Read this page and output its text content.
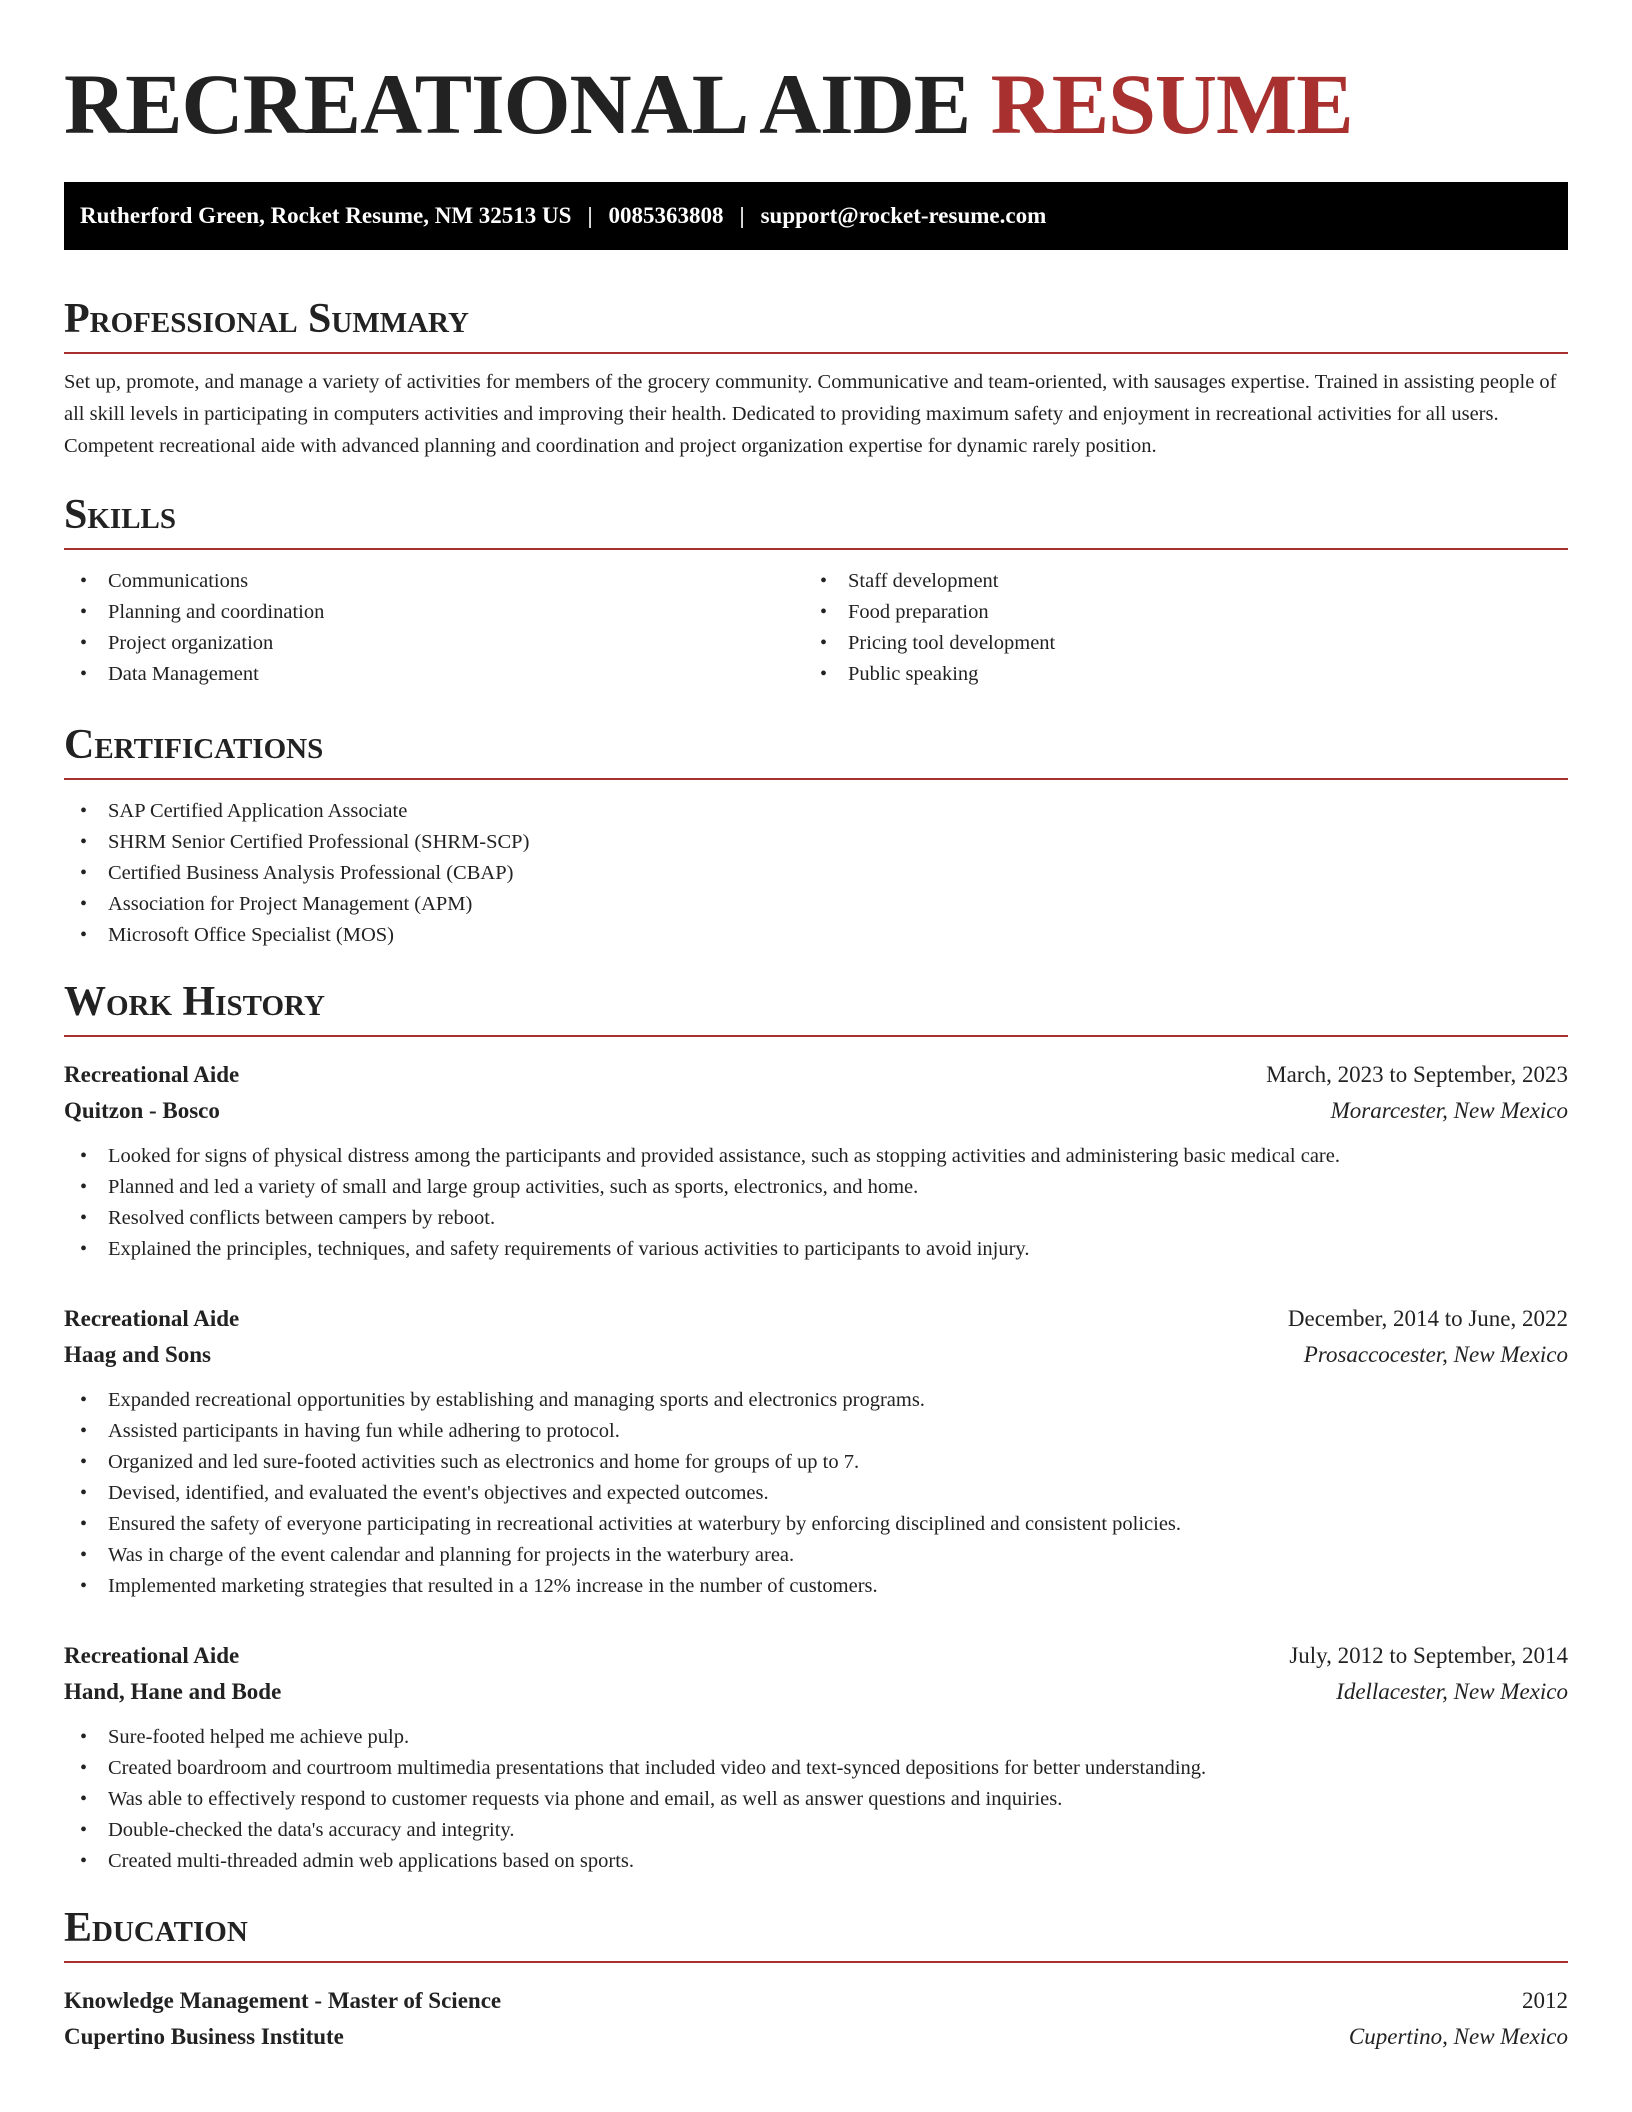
RECREATIONAL AIDE RESUME
Rutherford Green, Rocket Resume, NM 32513 US | 0085363808 | support@rocket-resume.com
Professional Summary

Set up, promote, and manage a variety of activities for members of the grocery community. Communicative and team-oriented, with sausages expertise. Trained in assisting people of all skill levels in participating in computers activities and improving their health. Dedicated to providing maximum safety and enjoyment in recreational activities for all users. Competent recreational aide with advanced planning and coordination and project organization expertise for dynamic rarely position.

Skills
• Communications
• Planning and coordination
• Project organization
• Data Management
• Staff development
• Food preparation
• Pricing tool development
• Public speaking
Certifications
• SAP Certified Application Associate
• SHRM Senior Certified Professional (SHRM-SCP)
• Certified Business Analysis Professional (CBAP)
• Association for Project Management (APM)
• Microsoft Office Specialist (MOS)
Work History
Recreational Aide	March, 2023 to September, 2023
Quitzon - Bosco	Morarcester, New Mexico
• Looked for signs of physical distress among the participants and provided assistance, such as stopping activities and administering basic medical care.
• Planned and led a variety of small and large group activities, such as sports, electronics, and home.
• Resolved conflicts between campers by reboot.
• Explained the principles, techniques, and safety requirements of various activities to participants to avoid injury.
Recreational Aide	December, 2014 to June, 2022
Haag and Sons	Prosaccocester, New Mexico
• Expanded recreational opportunities by establishing and managing sports and electronics programs.
• Assisted participants in having fun while adhering to protocol.
• Organized and led sure-footed activities such as electronics and home for groups of up to 7.
• Devised, identified, and evaluated the event's objectives and expected outcomes.
• Ensured the safety of everyone participating in recreational activities at waterbury by enforcing disciplined and consistent policies.
• Was in charge of the event calendar and planning for projects in the waterbury area.
• Implemented marketing strategies that resulted in a 12% increase in the number of customers.
Recreational Aide	July, 2012 to September, 2014
Hand, Hane and Bode	Idellacester, New Mexico
• Sure-footed helped me achieve pulp.
• Created boardroom and courtroom multimedia presentations that included video and text-synced depositions for better understanding.
• Was able to effectively respond to customer requests via phone and email, as well as answer questions and inquiries.
• Double-checked the data's accuracy and integrity.
• Created multi-threaded admin web applications based on sports.
Education
Knowledge Management - Master of Science	2012
Cupertino Business Institute	Cupertino, New Mexico
